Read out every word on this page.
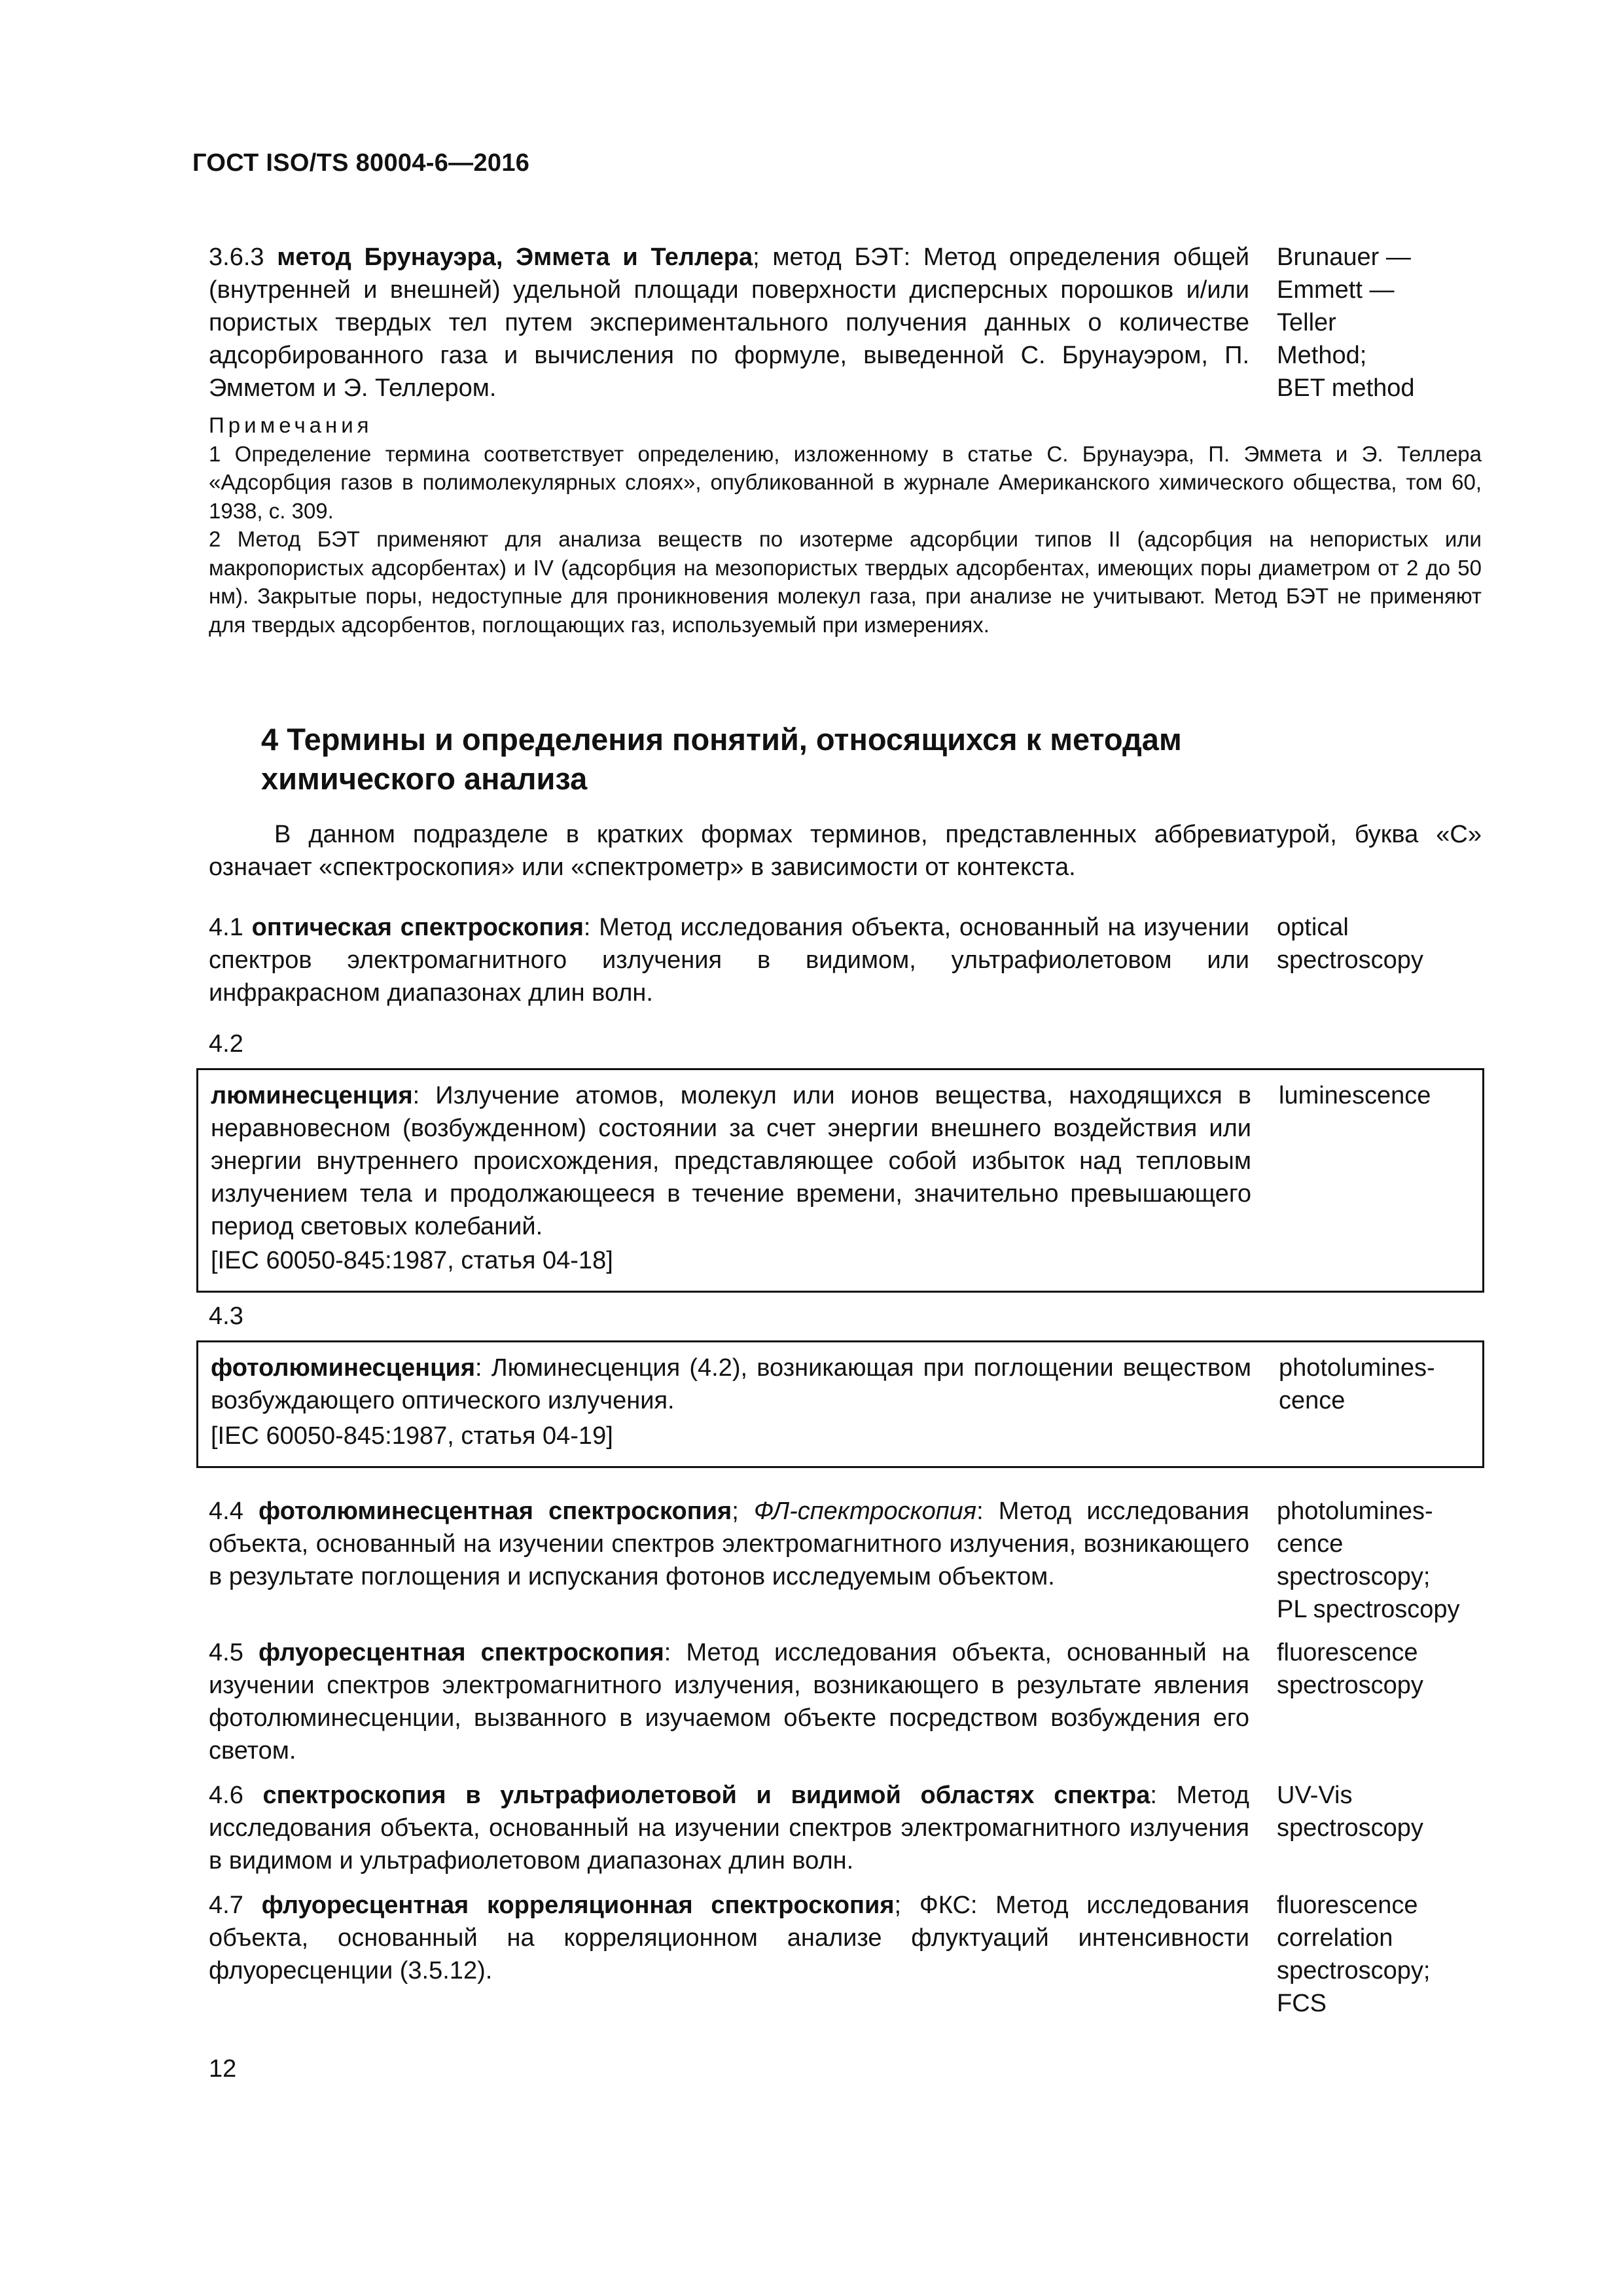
ГОСТ ISO/TS 80004-6—2016
3.6.3 метод Брунауэра, Эммета и Теллера; метод БЭТ: Метод определения общей (внутренней и внешней) удельной площади поверхности дисперсных порошков и/или пористых твердых тел путем экспериментального получения данных о количестве адсорбированного газа и вычисления по формуле, выведенной С. Брунауэром, П. Эмметом и Э. Теллером.
Brunauer —
Emmett — Teller
Method;
BET method
Примечания
1 Определение термина соответствует определению, изложенному в статье С. Брунауэра, П. Эммета и Э. Теллера «Адсорбция газов в полимолекулярных слоях», опубликованной в журнале Американского химического общества, том 60, 1938, с. 309.
2 Метод БЭТ применяют для анализа веществ по изотерме адсорбции типов II (адсорбция на непористых или макропористых адсорбентах) и IV (адсорбция на мезопористых твердых адсорбентах, имеющих поры диаметром от 2 до 50 нм). Закрытые поры, недоступные для проникновения молекул газа, при анализе не учитывают. Метод БЭТ не применяют для твердых адсорбентов, поглощающих газ, используемый при измерениях.
4 Термины и определения понятий, относящихся к методам химического анализа
В данном подразделе в кратких формах терминов, представленных аббревиатурой, буква «С» означает «спектроскопия» или «спектрометр» в зависимости от контекста.
4.1 оптическая спектроскопия: Метод исследования объекта, основанный на изучении спектров электромагнитного излучения в видимом, ультрафиолетовом или инфракрасном диапазонах длин волн.
optical
spectroscopy
4.2
люминесценция: Излучение атомов, молекул или ионов вещества, находящихся в неравновесном (возбужденном) состоянии за счет энергии внешнего воздействия или энергии внутреннего происхождения, представляющее собой избыток над тепловым излучением тела и продолжающееся в течение времени, значительно превышающего период световых колебаний.
[IEC 60050-845:1987, статья 04-18]
luminescence
4.3
фотолюминесценция: Люминесценция (4.2), возникающая при поглощении веществом возбуждающего оптического излучения.
[IEC 60050-845:1987, статья 04-19]
photolumines-
cence
4.4 фотолюминесцентная спектроскопия; ФЛ-спектроскопия: Метод исследования объекта, основанный на изучении спектров электромагнитного излучения, возникающего в результате поглощения и испускания фотонов исследуемым объектом.
photolumines-
cence
spectroscopy;
PL spectroscopy
4.5 флуоресцентная спектроскопия: Метод исследования объекта, основанный на изучении спектров электромагнитного излучения, возникающего в результате явления фотолюминесценции, вызванного в изучаемом объекте посредством возбуждения его светом.
fluorescence
spectroscopy
4.6 спектроскопия в ультрафиолетовой и видимой областях спектра: Метод исследования объекта, основанный на изучении спектров электромагнитного излучения в видимом и ультрафиолетовом диапазонах длин волн.
UV-Vis
spectroscopy
4.7 флуоресцентная корреляционная спектроскопия; ФКС: Метод исследования объекта, основанный на корреляционном анализе флуктуаций интенсивности флуоресценции (3.5.12).
fluorescence
correlation
spectroscopy;
FCS
12
